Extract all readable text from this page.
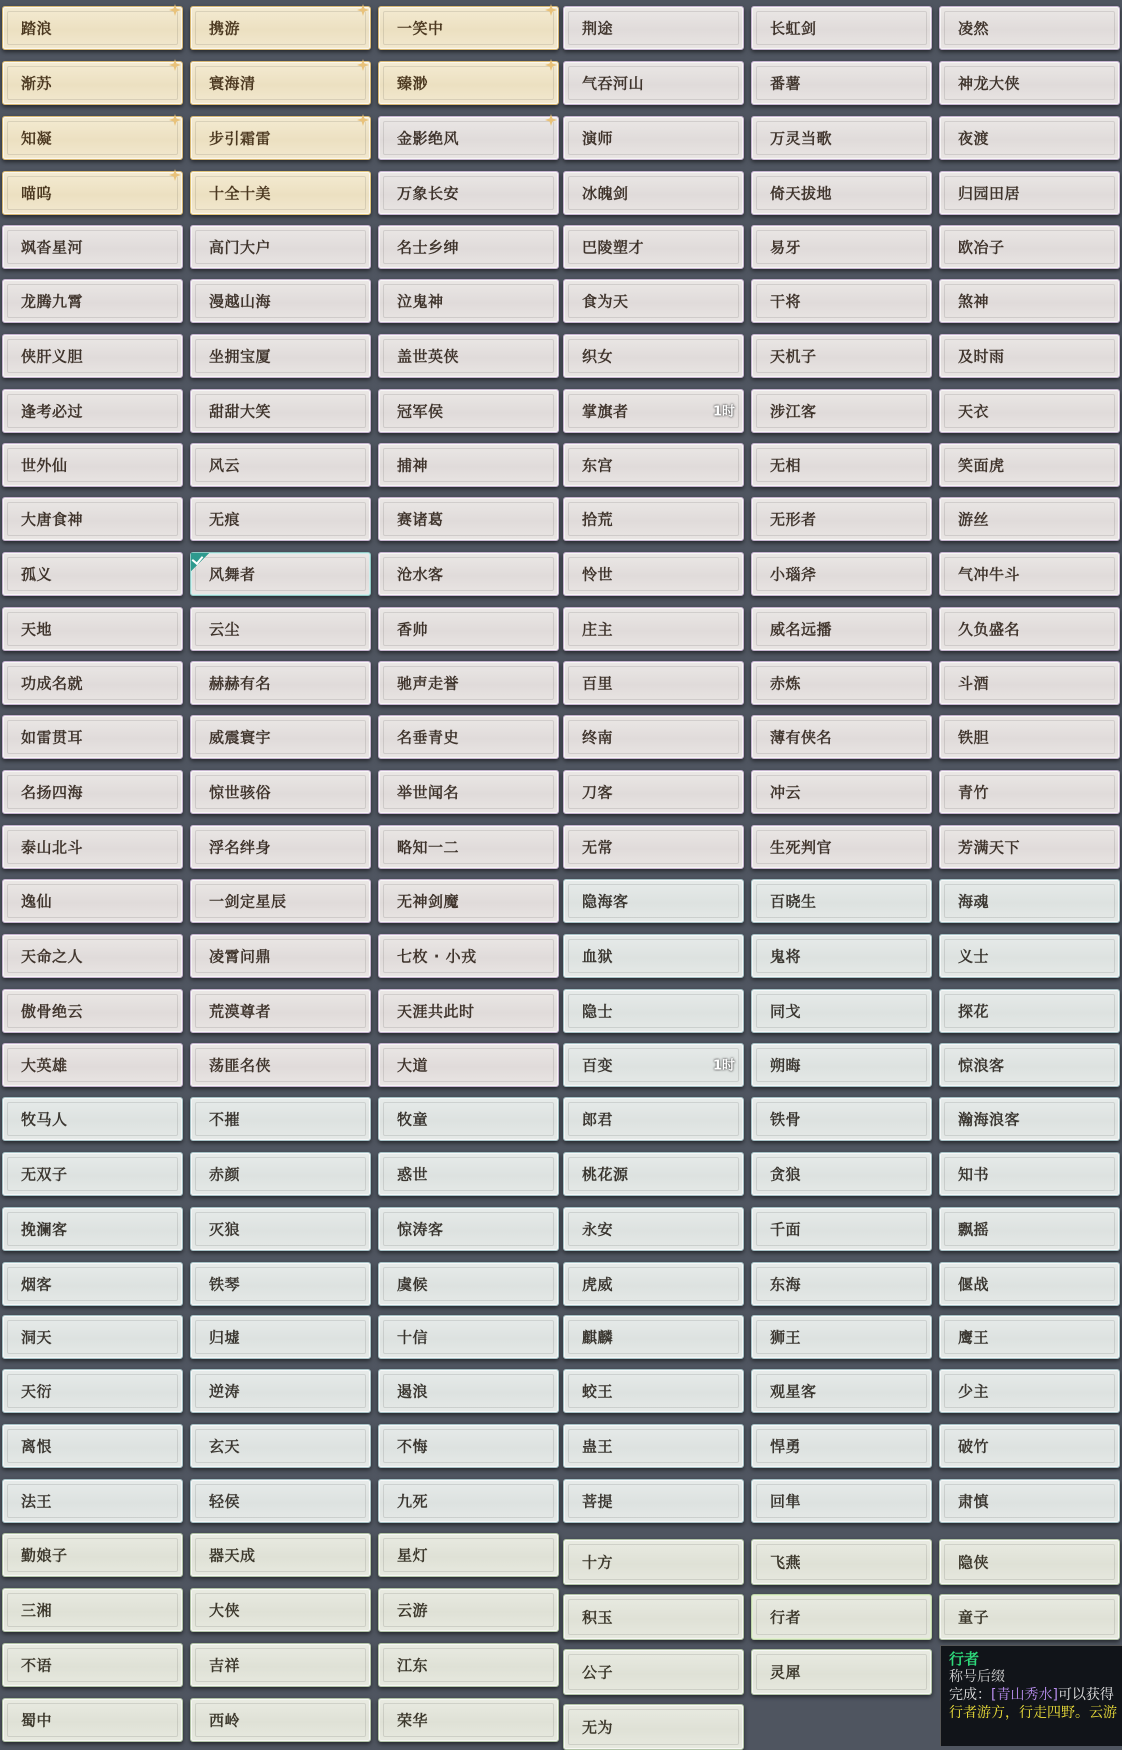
踏浪
渐苏
知凝
喵呜
飒沓星河
龙腾九霄
侠肝义胆
逢考必过
世外仙
大唐食神
孤义
天地
功成名就
如雷贯耳
名扬四海
泰山北斗
逸仙
天命之人
傲骨绝云
大英雄
牧马人
无双子
挽澜客
烟客
洞天
天衍
离恨
法王
勤娘子
三湘
不语
蜀中
携游
寰海清
步引霜雷
十全十美
高门大户
漫越山海
坐拥宝厦
甜甜大笑
风云
无痕
风舞者
云尘
赫赫有名
威震寰宇
惊世骇俗
浮名绊身
一剑定星辰
凌霄问鼎
荒漠尊者
荡匪名侠
不摧
赤颜
灭狼
铁琴
归墟
逆涛
玄天
轻侯
器天成
大侠
吉祥
西岭
一笑中
臻渺
金影绝风
万象长安
名士乡绅
泣鬼神
盖世英侠
冠军侯
捕神
赛诸葛
沧水客
香帅
驰声走誉
名垂青史
举世闻名
略知一二
无神剑魔
七枚 · 小戎
天涯共此时
大道
牧童
惑世
惊涛客
虞候
十信
遏浪
不悔
九死
星灯
云游
江东
荣华
荆途
气吞河山
演师
冰魄剑
巴陵塑才
食为天
织女
掌旗者	1时
东宫
拾荒
怜世
庄主
百里
终南
刀客
无常
隐海客
血狱
隐士
百变	1时
郎君
桃花源
永安
虎威
麒麟
蛟王
蛊王
菩提
十方
积玉
公子
无为
长虹剑
番薯
万灵当歌
倚天拔地
易牙
干将
天机子
涉江客
无相
无形者
小瑙斧
威名远播
赤炼
薄有侠名
冲云
生死判官
百晓生
鬼将
同戈
朔晦
铁骨
贪狼
千面
东海
狮王
观星客
悍勇
回隼
飞燕
行者
灵犀
凌然
神龙大侠
夜渡
归园田居
欧冶子
煞神
及时雨
天衣
笑面虎
游丝
气冲牛斗
久负盛名
斗酒
铁胆
青竹
芳满天下
海魂
义士
探花
惊浪客
瀚海浪客
知书
飘摇
偃战
鹰王
少主
破竹
肃慎
隐侠
童子
行者
称号后缀
完成：[青山秀水]可以获得
行者游方，行走四野。云游
